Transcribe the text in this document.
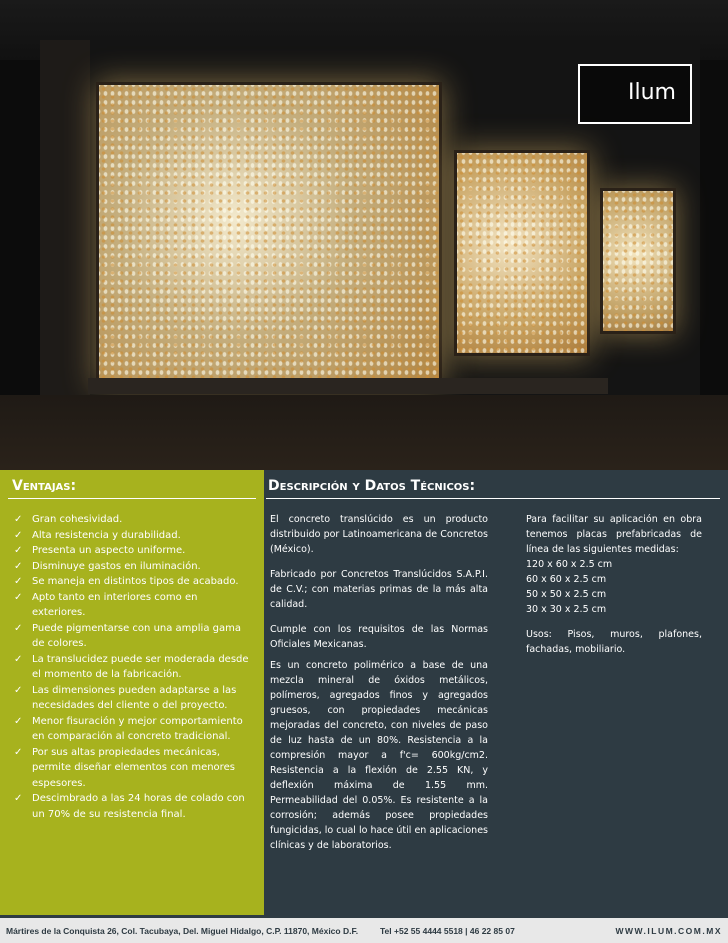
Ilum
Ventajas:	Descripción y Datos Técnicos:
✓ Gran cohesividad.
✓ Alta resistencia y durabilidad.
✓ Presenta un aspecto uniforme.
✓ Disminuye gastos en iluminación.
✓ Se maneja en distintos tipos de acabado.
✓ Apto tanto en interiores como en exteriores.
✓ Puede pigmentarse con una amplia gama de colores.
✓ La translucidez puede ser moderada desde el momento de la fabricación.
✓ Las dimensiones pueden adaptarse a las necesidades del cliente o del proyecto.
✓ Menor fisuración y mejor comportamiento en comparación al concreto tradicional.
✓ Por sus altas propiedades mecánicas, permite diseñar elementos con menores espesores.
✓ Descimbrado a las 24 horas de colado con un 70% de su resistencia final.

El concreto translúcido es un producto distribuido por Latinoamericana de Concretos (México).

Fabricado por Concretos Translúcidos S.A.P.I. de C.V.; con materias primas de la más alta calidad.

Cumple con los requisitos de las Normas Oficiales Mexicanas.

Es un concreto polimérico a base de una mezcla mineral de óxidos metálicos, polímeros, agregados finos y agregados gruesos, con propiedades mecánicas mejoradas del concreto, con niveles de paso de luz hasta de un 80%. Resistencia a la compresión mayor a f'c= 600kg/cm2. Resistencia a la flexión de 2.55 KN, y deflexión máxima de 1.55 mm. Permeabilidad del 0.05%. Es resistente a la corrosión; además posee propiedades fungicidas, lo cual lo hace útil en aplicaciones clínicas y de laboratorios.

Para facilitar su aplicación en obra tenemos placas prefabricadas de línea de las siguientes medidas:

120 x 60 x 2.5 cm

60 x 60 x 2.5 cm

50 x 50 x 2.5 cm

30 x 30 x 2.5 cm

Usos: Pisos, muros, plafones, fachadas, mobiliario.

Mártires de la Conquista 26, Col. Tacubaya, Del. Miguel Hidalgo, C.P. 11870, México D.F.	Tel +52 55 4444 5518 | 46 22 85 07	WWW.ILUM.COM.MX
